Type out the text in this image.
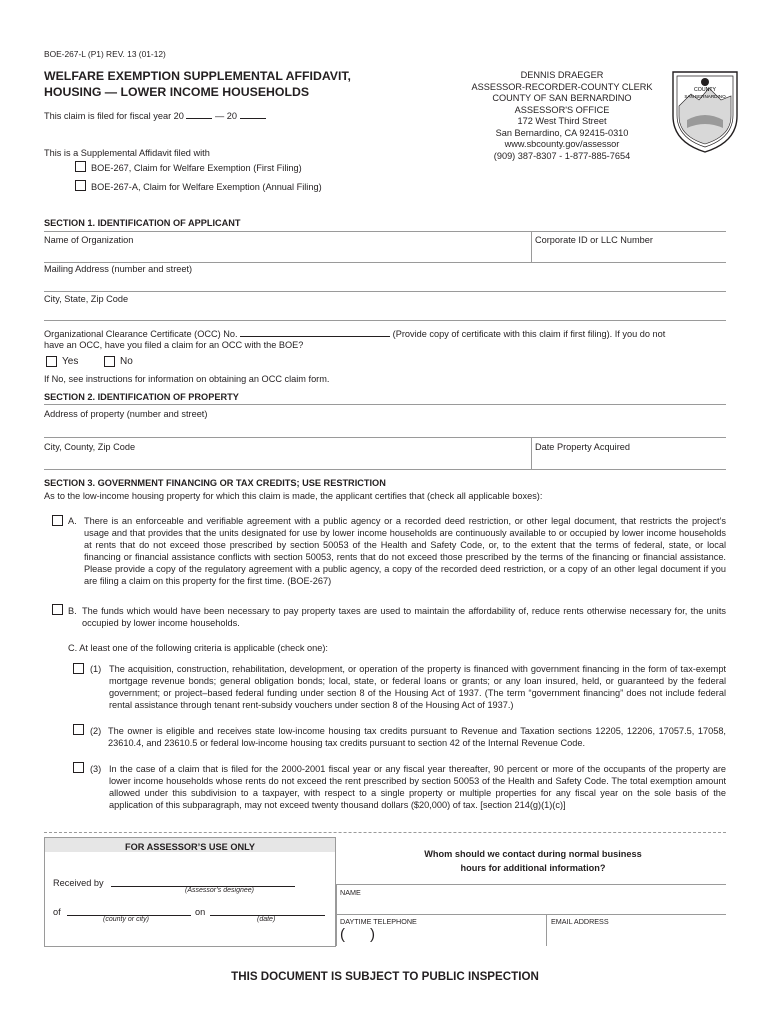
BOE-267-L (P1) REV. 13 (01-12)
WELFARE EXEMPTION SUPPLEMENTAL AFFIDAVIT,
HOUSING — LOWER INCOME HOUSEHOLDS
This claim is filed for fiscal year 20	— 20
DENNIS DRAEGER
ASSESSOR-RECORDER-COUNTY CLERK
COUNTY OF SAN BERNARDINO
ASSESSOR'S OFFICE
172 West Third Street
San Bernardino, CA 92415-0310
www.sbcounty.gov/assessor
(909) 387-8307 - 1-877-885-7654
COUNTY
SAN BERNARDINO
This is a Supplemental Affidavit filed with
BOE-267, Claim for Welfare Exemption (First Filing)
BOE-267-A, Claim for Welfare Exemption (Annual Filing)
SECTION 1. IDENTIFICATION OF APPLICANT
Name of Organization	Corporate ID or LLC Number
Mailing Address (number and street)
City, State, Zip Code
Organizational Clearance Certificate (OCC) No.	(Provide copy of certificate with this claim if first filing). If you do not
have an OCC, have you filed a claim for an OCC with the BOE?
Yes	No
If No, see instructions for information on obtaining an OCC claim form.
SECTION 2. IDENTIFICATION OF PROPERTY
Address of property (number and street)
City, County, Zip Code	Date Property Acquired
SECTION 3. GOVERNMENT FINANCING OR TAX CREDITS; USE RESTRICTION
As to the low-income housing property for which this claim is made, the applicant certifies that (check all applicable boxes):
A. There is an enforceable and verifiable agreement with a public agency or a recorded deed restriction, or other legal document, that restricts the project’s usage and that provides that the units designated for use by lower income households are continuously available to or occupied by lower income households at rents that do not exceed those prescribed by section 50053 of the Health and Safety Code, or, to the extent that the terms of federal, state, or local financing or financial assistance conflicts with section 50053, rents that do not exceed those prescribed by the terms of the financing or financial assistance. Please provide a copy of the regulatory agreement with a public agency, a copy of the recorded deed restriction, or a copy of an other legal document if you are filing a claim on this property for the first time. (BOE-267)
B. The funds which would have been necessary to pay property taxes are used to maintain the affordability of, reduce rents otherwise necessary for, the units occupied by lower income households.
C. At least one of the following criteria is applicable (check one):
(1) The acquisition, construction, rehabilitation, development, or operation of the property is financed with government financing in the form of tax-exempt mortgage revenue bonds; general obligation bonds; local, state, or federal loans or grants; or any loan insured, held, or guaranteed by the federal government; or project–based federal funding under section 8 of the Housing Act of 1937. (The term “government financing” does not include federal rental assistance through tenant rent-subsidy vouchers under section 8 of the Housing Act of 1937.)
(2) The owner is eligible and receives state low-income housing tax credits pursuant to Revenue and Taxation sections 12205, 12206, 17057.5, 17058, 23610.4, and 23610.5 or federal low-income housing tax credits pursuant to section 42 of the Internal Revenue Code.
(3) In the case of a claim that is filed for the 2000-2001 fiscal year or any fiscal year thereafter, 90 percent or more of the occupants of the property are lower income households whose rents do not exceed the rent prescribed by section 50053 of the Health and Safety Code. The total exemption amount allowed under this subdivision to a taxpayer, with respect to a single property or multiple properties for any fiscal year on the sole basis of the application of this subparagraph, may not exceed twenty thousand dollars ($20,000) of tax. [section 214(g)(1)(c)]
FOR ASSESSOR’S USE ONLY
Received by
(Assessor’s designee)
of	on
(county or city)	(date)
Whom should we contact during normal business
hours for additional information?
NAME
DAYTIME TELEPHONE	EMAIL ADDRESS
(      )
THIS DOCUMENT IS SUBJECT TO PUBLIC INSPECTION
